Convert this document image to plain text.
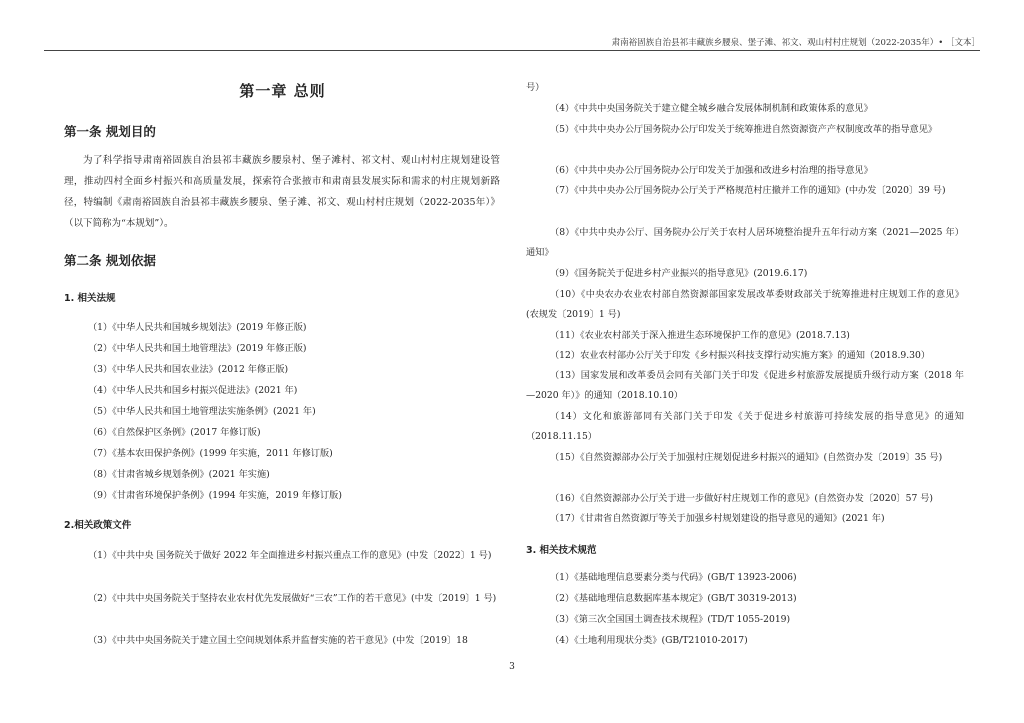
肃南裕固族自治县祁丰藏族乡腰泉、堡子滩、祁文、观山村村庄规划（2022-2035年）• ［文本］
第一章 总则
第一条 规划目的
为了科学指导肃南裕固族自治县祁丰藏族乡腰泉村、堡子滩村、祁文村、观山村村庄规划建设管理，推动四村全面乡村振兴和高质量发展，探索符合张掖市和肃南县发展实际和需求的村庄规划新路径，特编制《肃南裕固族自治县祁丰藏族乡腰泉、堡子滩、祁文、观山村村庄规划（2022-2035年）》（以下简称为“本规划”）。
第二条 规划依据
1. 相关法规
（1）《中华人民共和国城乡规划法》(2019 年修正版)
（2）《中华人民共和国土地管理法》(2019 年修正版)
（3）《中华人民共和国农业法》(2012 年修正版)
（4）《中华人民共和国乡村振兴促进法》(2021 年)
（5）《中华人民共和国土地管理法实施条例》(2021 年)
（6）《自然保护区条例》(2017 年修订版)
（7）《基本农田保护条例》(1999 年实施，2011 年修订版)
（8）《甘肃省城乡规划条例》(2021 年实施)
（9）《甘肃省环境保护条例》(1994 年实施，2019 年修订版)
2.相关政策文件
（1）《中共中央 国务院关于做好 2022 年全面推进乡村振兴重点工作的意见》(中发〔2022〕1 号)
（2）《中共中央国务院关于坚持农业农村优先发展做好“三农”工作的若干意见》(中发〔2019〕1 号)
（3）《中共中央国务院关于建立国土空间规划体系并监督实施的若干意见》(中发〔2019〕18
号）
（4）《中共中央国务院关于建立健全城乡融合发展体制机制和政策体系的意见》
（5）《中共中央办公厅国务院办公厅印发关于统筹推进自然资源资产产权制度改革的指导意见》
（6）《中共中央办公厅国务院办公厅印发关于加强和改进乡村治理的指导意见》
（7）《中共中央办公厅国务院办公厅关于严格规范村庄撤并工作的通知》(中办发〔2020〕39 号)
（8）《中共中央办公厅、国务院办公厅关于农村人居环境整治提升五年行动方案（2021—2025 年）通知》
（9）《国务院关于促进乡村产业振兴的指导意见》(2019.6.17)
（10）《中央农办农业农村部自然资源部国家发展改革委财政部关于统筹推进村庄规划工作的意见》(农规发〔2019〕1 号)
（11）《农业农村部关于深入推进生态环境保护工作的意见》(2018.7.13)
（12）农业农村部办公厅关于印发《乡村振兴科技支撑行动实施方案》的通知（2018.9.30）
（13）国家发展和改革委员会同有关部门关于印发《促进乡村旅游发展提质升级行动方案（2018 年—2020 年）》的通知（2018.10.10）
（14）文化和旅游部同有关部门关于印发《关于促进乡村旅游可持续发展的指导意见》的通知（2018.11.15）
（15）《自然资源部办公厅关于加强村庄规划促进乡村振兴的通知》(自然资办发〔2019〕35 号)
（16）《自然资源部办公厅关于进一步做好村庄规划工作的意见》(自然资办发〔2020〕57 号)
（17）《甘肃省自然资源厅等关于加强乡村规划建设的指导意见的通知》(2021 年)
3. 相关技术规范
（1）《基础地理信息要素分类与代码》(GB/T 13923-2006)
（2）《基础地理信息数据库基本规定》(GB/T 30319-2013)
（3）《第三次全国国土调查技术规程》(TD/T 1055-2019)
（4）《土地利用现状分类》(GB/T21010-2017)
3
